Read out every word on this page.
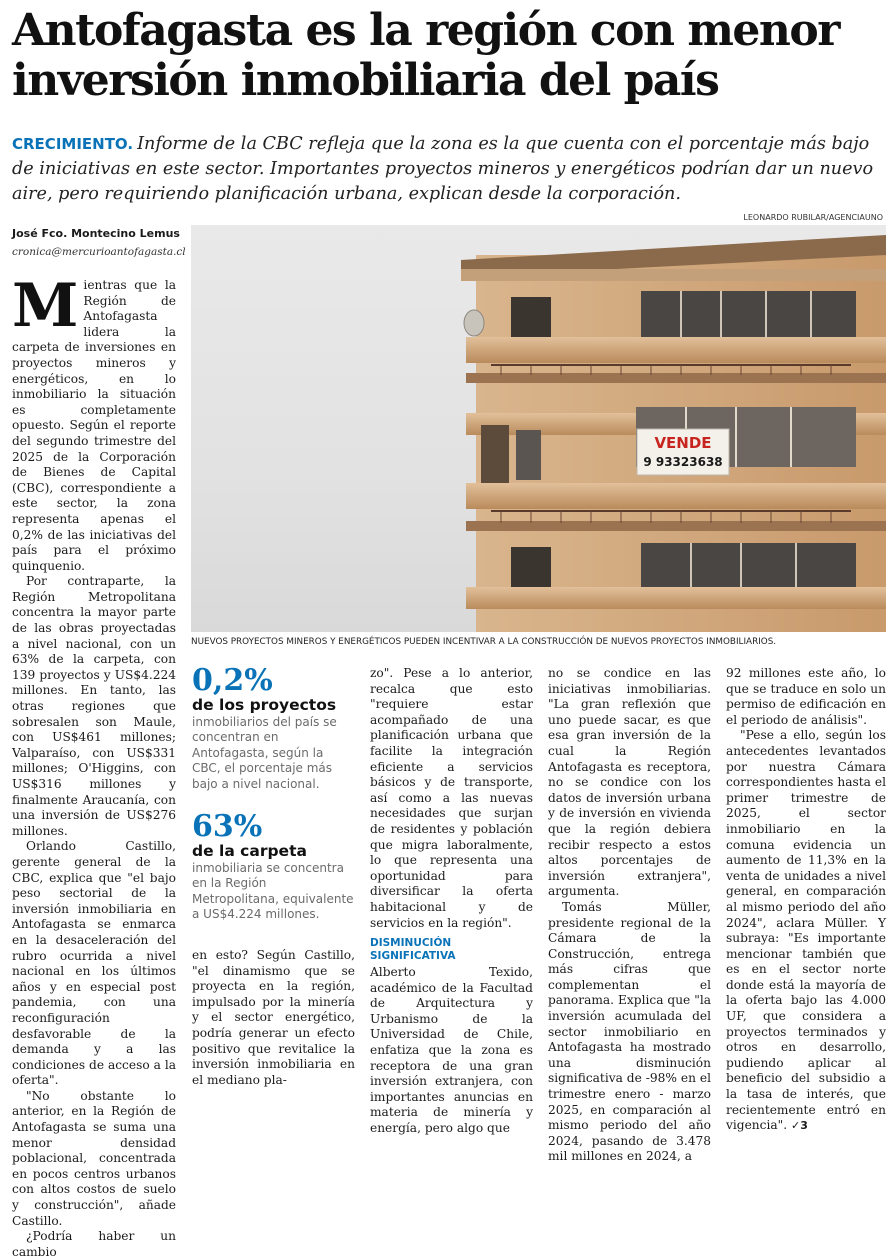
Antofagasta es la región con menor
inversión inmobiliaria del país
CRECIMIENTO. Informe de la CBC refleja que la zona es la que cuenta con el porcentaje más bajo de iniciativas en este sector. Importantes proyectos mineros y energéticos podrían dar un nuevo aire, pero requiriendo planificación urbana, explican desde la corporación.
José Fco. Montecino Lemus
cronica@mercurioantofagasta.cl
LEONARDO RUBILAR/AGENCIAUNO
VENDE
9 93323638
NUEVOS PROYECTOS MINEROS Y ENERGÉTICOS PUEDEN INCENTIVAR A LA CONSTRUCCIÓN DE NUEVOS PROYECTOS INMOBILIARIOS.

Mientras que la Región de Antofagasta lidera la carpeta de inversiones en proyectos mineros y energéticos, en lo inmobiliario la situación es completamente opuesto. Según el reporte del segundo trimestre del 2025 de la Corporación de Bienes de Capital (CBC), correspondiente a este sector, la zona representa apenas el 0,2% de las iniciativas del país para el próximo quinquenio.

Por contraparte, la Región Metropolitana concentra la mayor parte de las obras proyectadas a nivel nacional, con un 63% de la carpeta, con 139 proyectos y US$4.224 millones. En tanto, las otras regiones que sobresalen son Maule, con US$461 millones; Valparaíso, con US$331 millones; O'Higgins, con US$316 millones y finalmente Araucanía, con una inversión de US$276 millones.

Orlando Castillo, gerente general de la CBC, explica que "el bajo peso sectorial de la inversión inmobiliaria en Antofagasta se enmarca en la desaceleración del rubro ocurrida a nivel nacional en los últimos años y en especial post pandemia, con una reconfiguración desfavorable de la demanda y a las condiciones de acceso a la oferta".

"No obstante lo anterior, en la Región de Antofagasta se suma una menor densidad poblacional, concentrada en pocos centros urbanos con altos costos de suelo y construcción", añade Castillo.

¿Podría haber un cambio

0,2%
de los proyectos inmobiliarios del país se concentran en Antofagasta, según la CBC, el porcentaje más bajo a nivel nacional.
63%
de la carpeta inmobiliaria se concentra en la Región Metropolitana, equivalente a US$4.224 millones.

en esto? Según Castillo, "el dinamismo que se proyecta en la región, impulsado por la minería y el sector energético, podría generar un efecto positivo que revitalice la inversión inmobiliaria en el mediano pla-

zo". Pese a lo anterior, recalca que esto "requiere estar acompañado de una planificación urbana que facilite la integración eficiente a servicios básicos y de transporte, así como a las nuevas necesidades que surjan de residentes y población que migra laboralmente, lo que representa una oportunidad para diversificar la oferta habitacional y de servicios en la región".

DISMINUCIÓN SIGNIFICATIVA

Alberto Texido, académico de la Facultad de Arquitectura y Urbanismo de la Universidad de Chile, enfatiza que la zona es receptora de una gran inversión extranjera, con importantes anuncias en materia de minería y energía, pero algo que

no se condice en las iniciativas inmobiliarias. "La gran reflexión que uno puede sacar, es que esa gran inversión de la cual la Región Antofagasta es receptora, no se condice con los datos de inversión urbana y de inversión en vivienda que la región debiera recibir respecto a estos altos porcentajes de inversión extranjera", argumenta.

Tomás Müller, presidente regional de la Cámara de la Construcción, entrega más cifras que complementan el panorama. Explica que "la inversión acumulada del sector inmobiliario en Antofagasta ha mostrado una disminución significativa de -98% en el trimestre enero - marzo 2025, en comparación al mismo periodo del año 2024, pasando de 3.478 mil millones en 2024, a

92 millones este año, lo que se traduce en solo un permiso de edificación en el periodo de análisis".

"Pese a ello, según los antecedentes levantados por nuestra Cámara correspondientes hasta el primer trimestre de 2025, el sector inmobiliario en la comuna evidencia un aumento de 11,3% en la venta de unidades a nivel general, en comparación al mismo periodo del año 2024", aclara Müller. Y subraya: "Es importante mencionar también que es en el sector norte donde está la mayoría de la oferta bajo las 4.000 UF, que considera a proyectos terminados y otros en desarrollo, pudiendo aplicar al beneficio del subsidio a la tasa de interés, que recientemente entró en vigencia". ✓3
